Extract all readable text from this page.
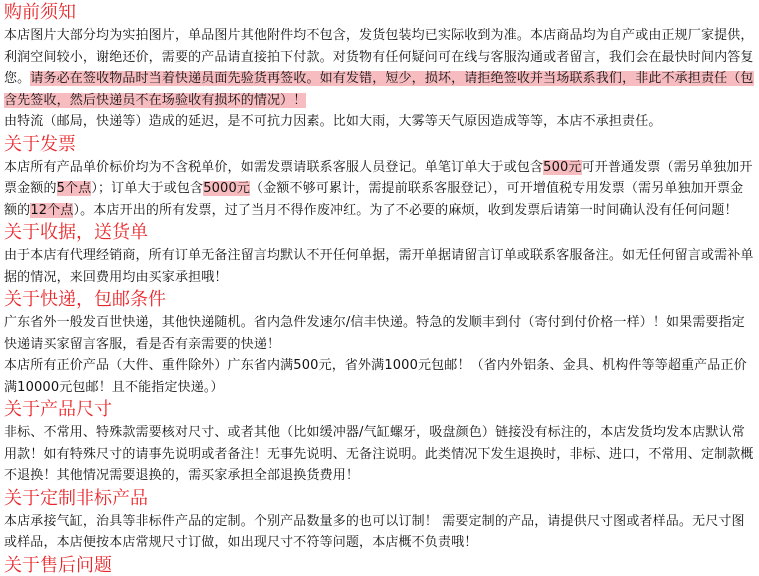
购前须知
本店图片大部分均为实拍图片，单品图片其他附件均不包含，发货包装均已实际收到为准。本店商品均为自产或由正规厂家提供，利润空间较小，谢绝还价，需要的产品请直接拍下付款。对货物有任何疑问可在线与客服沟通或者留言，我们会在最快时间内答复您。请务必在签收物品时当着快递员面先验货再签收。如有发错，短少，损坏，请拒绝签收并当场联系我们，非此不承担责任（包含先签收，然后快递员不在场验收有损坏的情况）！
由特流（邮局，快递等）造成的延迟，是不可抗力因素。比如大雨，大雾等天气原因造成等等，本店不承担责任。
关于发票
本店所有产品单价标价均为不含税单价，如需发票请联系客服人员登记。单笔订单大于或包含500元可开普通发票（需另单独加开票金额的5个点）；订单大于或包含5000元（金额不够可累计，需提前联系客服登记），可开增值税专用发票（需另单独加开票金额的12个点）。本店开出的所有发票，过了当月不得作废冲红。为了不必要的麻烦，收到发票后请第一时间确认没有任何问题！
关于收据，送货单
由于本店有代理经销商，所有订单无备注留言均默认不开任何单据，需开单据请留言订单或联系客服备注。如无任何留言或需补单据的情况，来回费用均由买家承担哦！
关于快递，包邮条件
广东省外一般发百世快递，其他快递随机。省内急件发速尔/信丰快递。特急的发顺丰到付（寄付到付价格一样）！如果需要指定快递请买家留言客服，看是否有亲需要的快递！
本店所有正价产品（大件、重件除外）广东省内满500元，省外满1000元包邮！（省内外铝条、金具、机构件等等超重产品正价满10000元包邮！且不能指定快递。）
关于产品尺寸
非标、不常用、特殊款需要核对尺寸、或者其他（比如缓冲器/气缸螺牙，吸盘颜色）链接没有标注的，本店发货均发本店默认常用款！如有特殊尺寸的请事先说明或者备注！无事先说明、无备注说明。此类情况下发生退换时，非标、进口，不常用、定制款概不退换！其他情况需要退换的，需买家承担全部退换货费用！
关于定制非标产品
本店承接气缸，治具等非标件产品的定制。个别产品数量多的也可以订制！ 需要定制的产品，请提供尺寸图或者样品。无尺寸图或样品，本店便按本店常规尺寸订做，如出现尺寸不符等问题，本店概不负责哦！
关于售后问题
